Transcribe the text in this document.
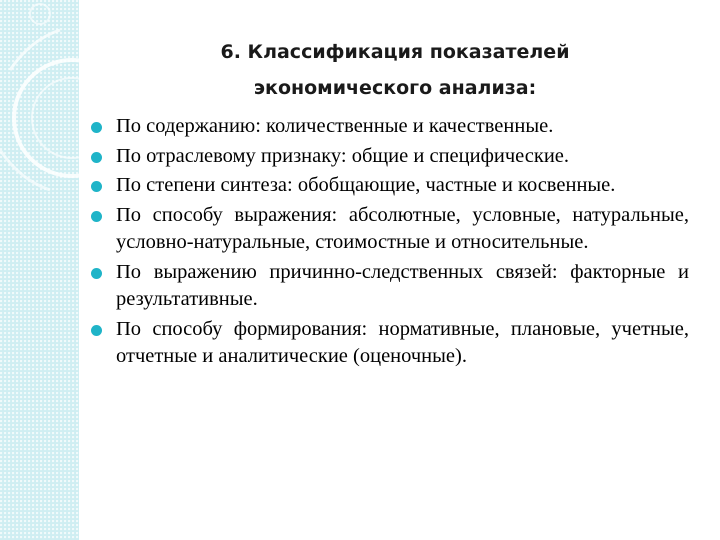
6. Классификация показателей
экономического анализа:
По содержанию: количественные и качественные.
По отраслевому признаку: общие и специфические.
По степени синтеза: обобщающие, частные и косвенные.
По способу выражения: абсолютные, условные, натуральные, условно-натуральные, стоимостные и относительные.
По выражению причинно-следственных связей: факторные и результативные.
По способу формирования: нормативные, плановые, учетные, отчетные и аналитические (оценочные).
